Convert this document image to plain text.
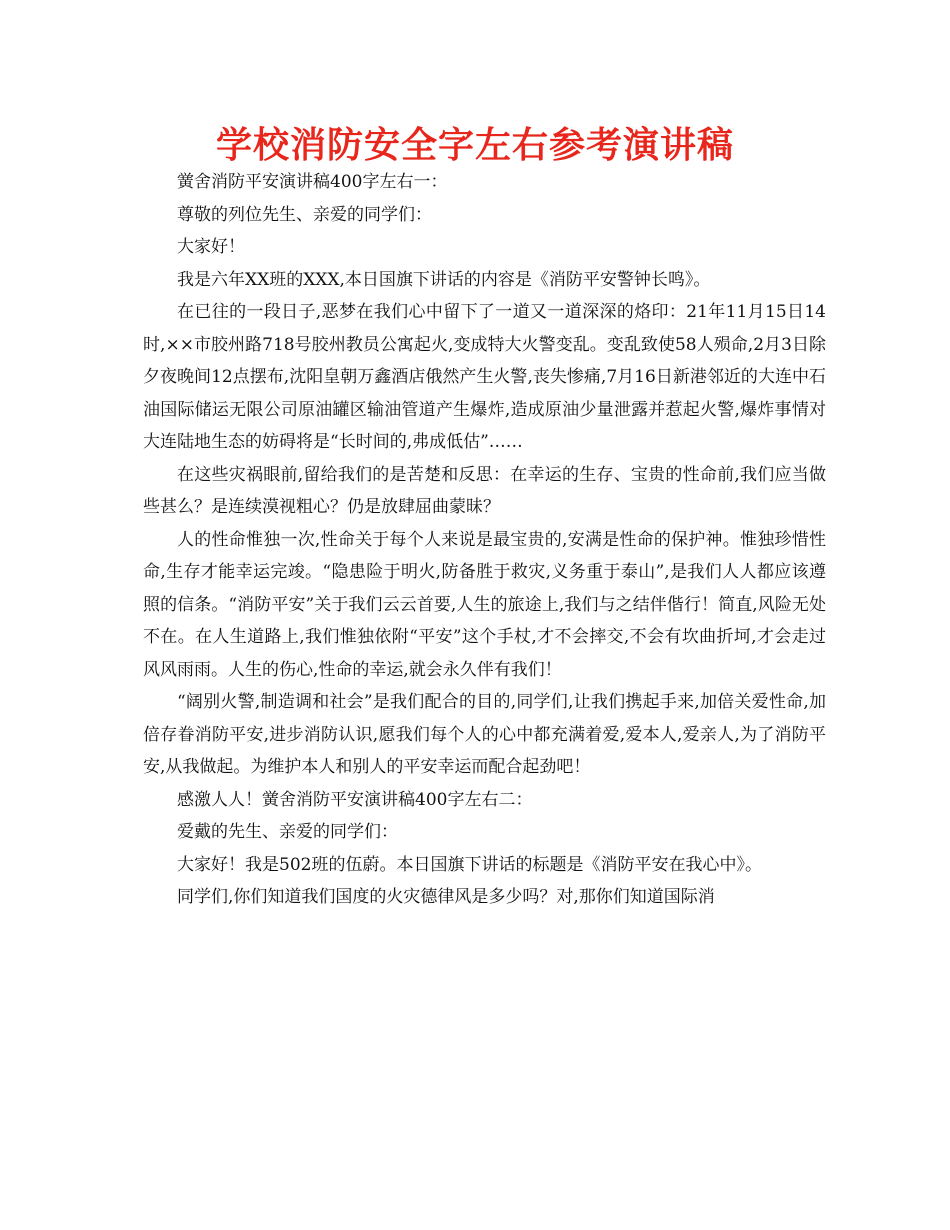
学校消防安全字左右参考演讲稿

黉舍消防平安演讲稿400字左右一：

尊敬的列位先生、亲爱的同学们：

大家好！

我是六年XX班的XXX,本日国旗下讲话的内容是《消防平安警钟长鸣》。

在已往的一段日子,恶梦在我们心中留下了一道又一道深深的烙印：21年11月15日14时,××市胶州路718号胶州教员公寓起火,变成特大火警变乱。变乱致使58人殒命,2月3日除夕夜晚间12点摆布,沈阳皇朝万鑫酒店俄然产生火警,丧失惨痛,7月16日新港邻近的大连中石油国际储运无限公司原油罐区输油管道产生爆炸,造成原油少量泄露并惹起火警,爆炸事情对大连陆地生态的妨碍将是“长时间的,弗成低估”……

在这些灾祸眼前,留给我们的是苦楚和反思：在幸运的生存、宝贵的性命前,我们应当做些甚么？是连续漠视粗心？仍是放肆屈曲蒙昧？

人的性命惟独一次,性命关于每个人来说是最宝贵的,安满是性命的保护神。惟独珍惜性命,生存才能幸运完竣。“隐患险于明火,防备胜于救灾,义务重于泰山”,是我们人人都应该遵照的信条。“消防平安”关于我们云云首要,人生的旅途上,我们与之结伴偕行！简直,风险无处不在。在人生道路上,我们惟独依附“平安”这个手杖,才不会摔交,不会有坎曲折坷,才会走过风风雨雨。人生的伤心,性命的幸运,就会永久伴有我们！

“阔别火警,制造调和社会”是我们配合的目的,同学们,让我们携起手来,加倍关爱性命,加倍存眷消防平安,进步消防认识,愿我们每个人的心中都充满着爱,爱本人,爱亲人,为了消防平安,从我做起。为维护本人和别人的平安幸运而配合起劲吧！

感激人人！黉舍消防平安演讲稿400字左右二：

爱戴的先生、亲爱的同学们：

大家好！我是502班的伍蔚。本日国旗下讲话的标题是《消防平安在我心中》。

同学们,你们知道我们国度的火灾德律风是多少吗？对,那你们知道国际消
